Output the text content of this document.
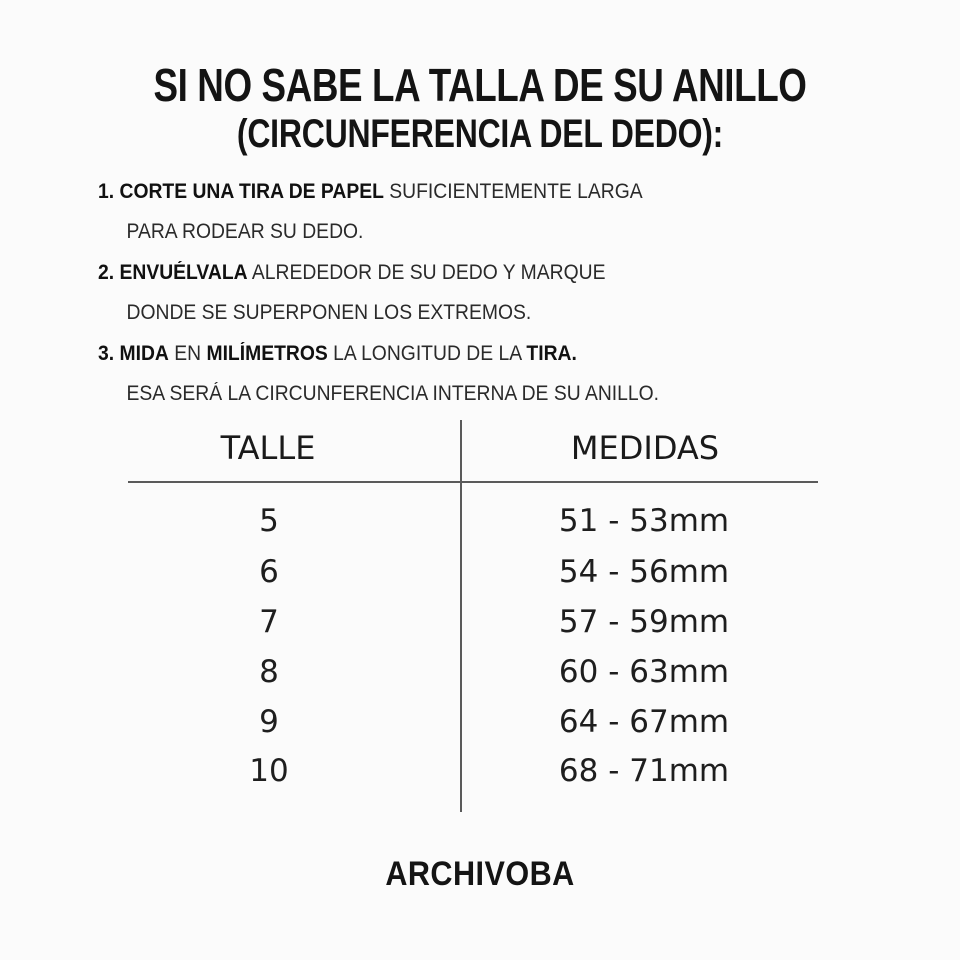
SI NO SABE LA TALLA DE SU ANILLO
(CIRCUNFERENCIA DEL DEDO):
1. CORTE UNA TIRA DE PAPEL SUFICIENTEMENTE LARGA
PARA RODEAR SU DEDO.
2. ENVUÉLVALA ALREDEDOR DE SU DEDO Y MARQUE
DONDE SE SUPERPONEN LOS EXTREMOS.
3. MIDA EN MILÍMETROS LA LONGITUD DE LA TIRA.
ESA SERÁ LA CIRCUNFERENCIA INTERNA DE SU ANILLO.
TALLE	MEDIDAS
5	51 - 53mm
6	54 - 56mm
7	57 - 59mm
8	60 - 63mm
9	64 - 67mm
10	68 - 71mm
ARCHIVOBA
